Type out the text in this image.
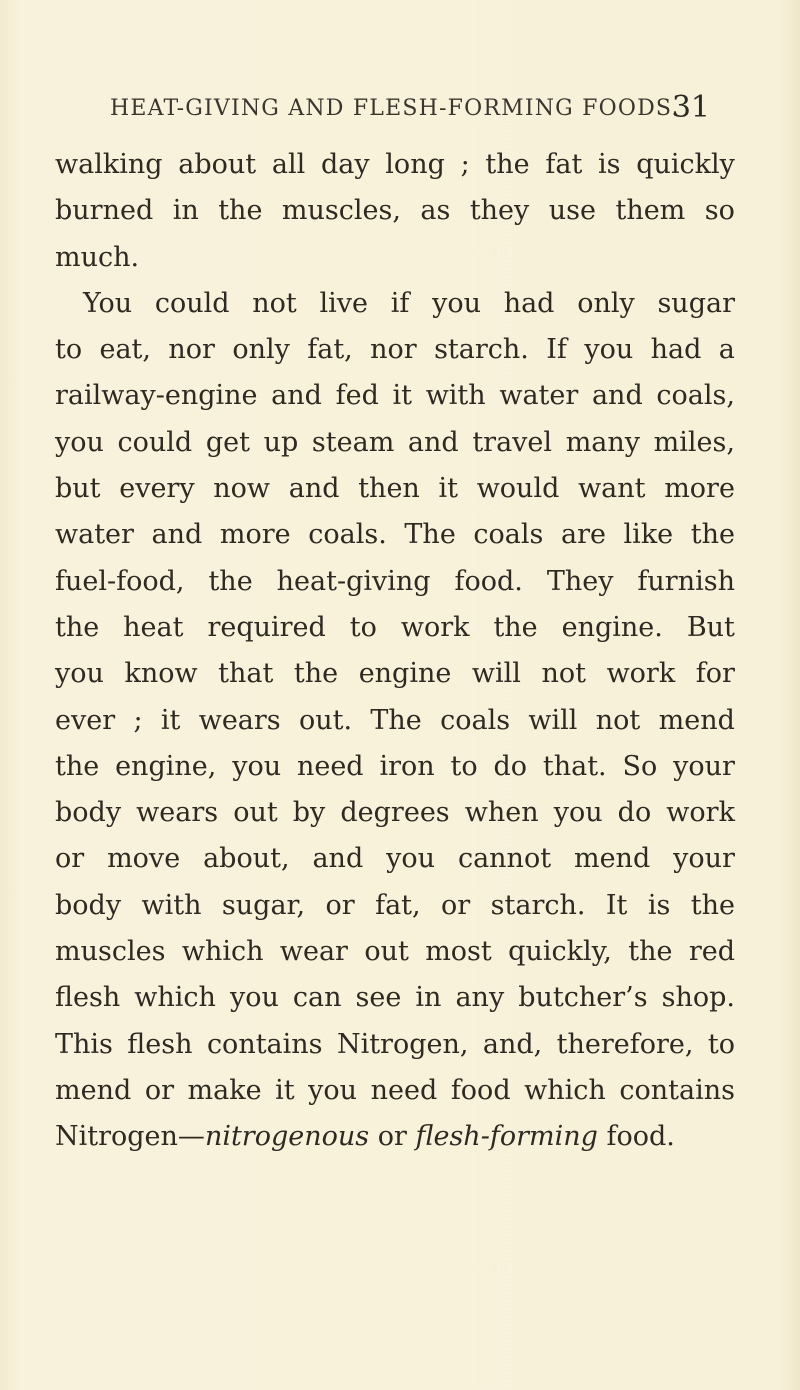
HEAT-GIVING AND FLESH-FORMING FOODS.
31
walking about all day long ; the fat is quickly
burned in the muscles, as they use them so
much.
You could not live if you had only sugar
to eat, nor only fat, nor starch. If you had a
railway-engine and fed it with water and coals,
you could get up steam and travel many miles,
but every now and then it would want more
water and more coals. The coals are like the
fuel-food, the heat-giving food. They furnish
the heat required to work the engine. But
you know that the engine will not work for
ever ; it wears out. The coals will not mend
the engine, you need iron to do that. So your
body wears out by degrees when you do work
or move about, and you cannot mend your
body with sugar, or fat, or starch. It is the
muscles which wear out most quickly, the red
flesh which you can see in any butcher’s shop.
This flesh contains Nitrogen, and, therefore, to
mend or make it you need food which contains
Nitrogen—nitrogenous or flesh-forming food.
